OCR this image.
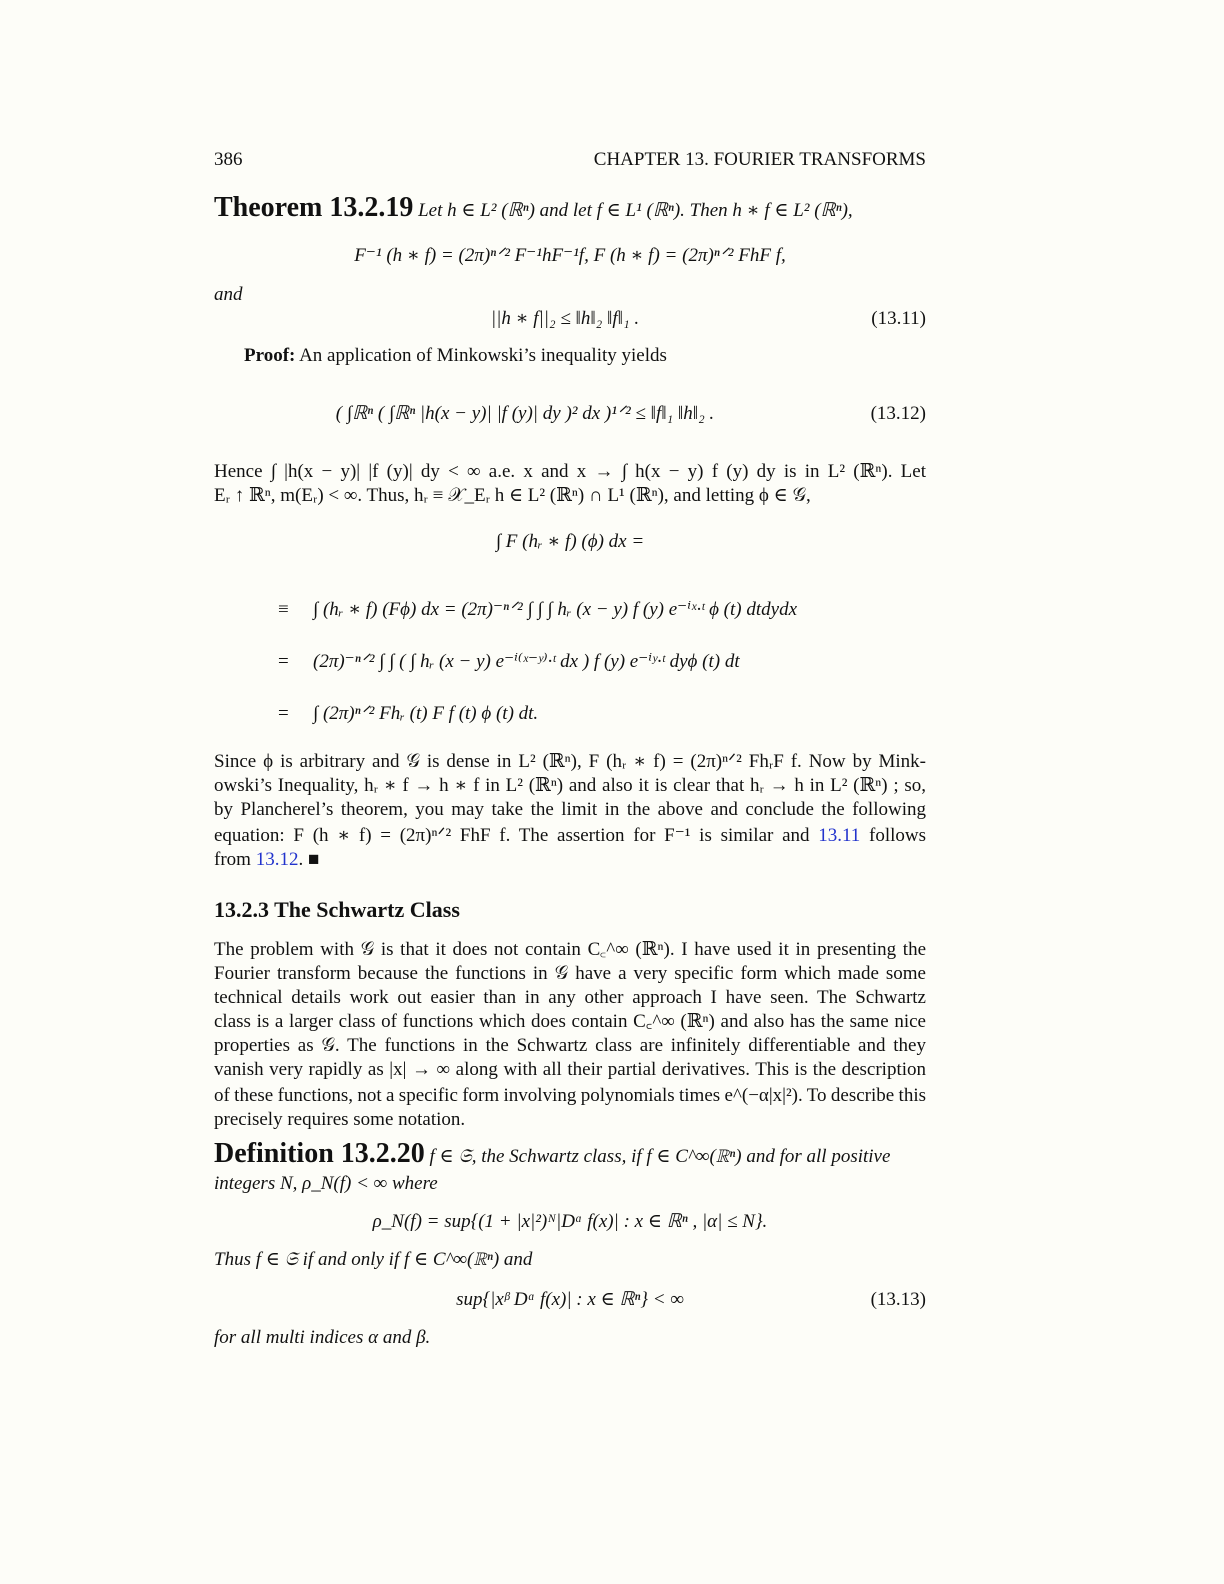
386	CHAPTER 13. FOURIER TRANSFORMS
Theorem 13.2.19 Let h ∈ L² (ℝⁿ) and let f ∈ L¹ (ℝⁿ). Then h ∗ f ∈ L² (ℝⁿ),
F⁻¹ (h ∗ f) = (2π)ⁿᐟ² F⁻¹hF⁻¹f, F (h ∗ f) = (2π)ⁿᐟ² FhF f,
and
||h ∗ f||₂ ≤ ‖h‖₂ ‖f‖₁ .	(13.11)
Proof: An application of Minkowski’s inequality yields
( ∫ℝⁿ ( ∫ℝⁿ |h(x − y)| |f (y)| dy )² dx )¹ᐟ² ≤ ‖f‖₁ ‖h‖₂ .	(13.12)
Hence ∫ |h(x − y)| |f (y)| dy < ∞ a.e. x and x → ∫ h(x − y) f (y) dy is in L² (ℝⁿ). Let
Eᵣ ↑ ℝⁿ, m(Eᵣ) < ∞. Thus, hᵣ ≡ 𝒳_Eᵣ h ∈ L² (ℝⁿ) ∩ L¹ (ℝⁿ), and letting ϕ ∈ 𝒢,
∫ F (hᵣ ∗ f) (ϕ) dx =
≡ ∫ (hᵣ ∗ f) (Fϕ) dx = (2π)⁻ⁿᐟ² ∫ ∫ ∫ hᵣ (x − y) f (y) e⁻ⁱˣ·ᵗ ϕ (t) dtdydx
= (2π)⁻ⁿᐟ² ∫ ∫ ( ∫ hᵣ (x − y) e⁻ⁱ⁽ˣ⁻ʸ⁾·ᵗ dx ) f (y) e⁻ⁱʸ·ᵗ dyϕ (t) dt
= ∫ (2π)ⁿᐟ² Fhᵣ (t) F f (t) ϕ (t) dt.
Since ϕ is arbitrary and 𝒢 is dense in L² (ℝⁿ), F (hᵣ ∗ f) = (2π)ⁿᐟ² FhᵣF f. Now by Mink-
owski’s Inequality, hᵣ ∗ f → h ∗ f in L² (ℝⁿ) and also it is clear that hᵣ → h in L² (ℝⁿ) ; so,
by Plancherel’s theorem, you may take the limit in the above and conclude the following
equation: F (h ∗ f) = (2π)ⁿᐟ² FhF f. The assertion for F⁻¹ is similar and 13.11 follows
from 13.12. ■
13.2.3 The Schwartz Class
The problem with 𝒢 is that it does not contain C꜀^∞ (ℝⁿ). I have used it in presenting the
Fourier transform because the functions in 𝒢 have a very specific form which made some
technical details work out easier than in any other approach I have seen. The Schwartz
class is a larger class of functions which does contain C꜀^∞ (ℝⁿ) and also has the same nice
properties as 𝒢. The functions in the Schwartz class are infinitely differentiable and they
vanish very rapidly as |x| → ∞ along with all their partial derivatives. This is the description
of these functions, not a specific form involving polynomials times e^(−α|x|²). To describe this
precisely requires some notation.
Definition 13.2.20 f ∈ 𝔖, the Schwartz class, if f ∈ C^∞(ℝⁿ) and for all positive
integers N, ρ_N(f) < ∞ where
ρ_N(f) = sup{(1 + |x|²)ᴺ|Dᵅ f(x)| : x ∈ ℝⁿ , |α| ≤ N}.
Thus f ∈ 𝔖 if and only if f ∈ C^∞(ℝⁿ) and
sup{|xᵝ Dᵅ f(x)| : x ∈ ℝⁿ} < ∞	(13.13)
for all multi indices α and β.
